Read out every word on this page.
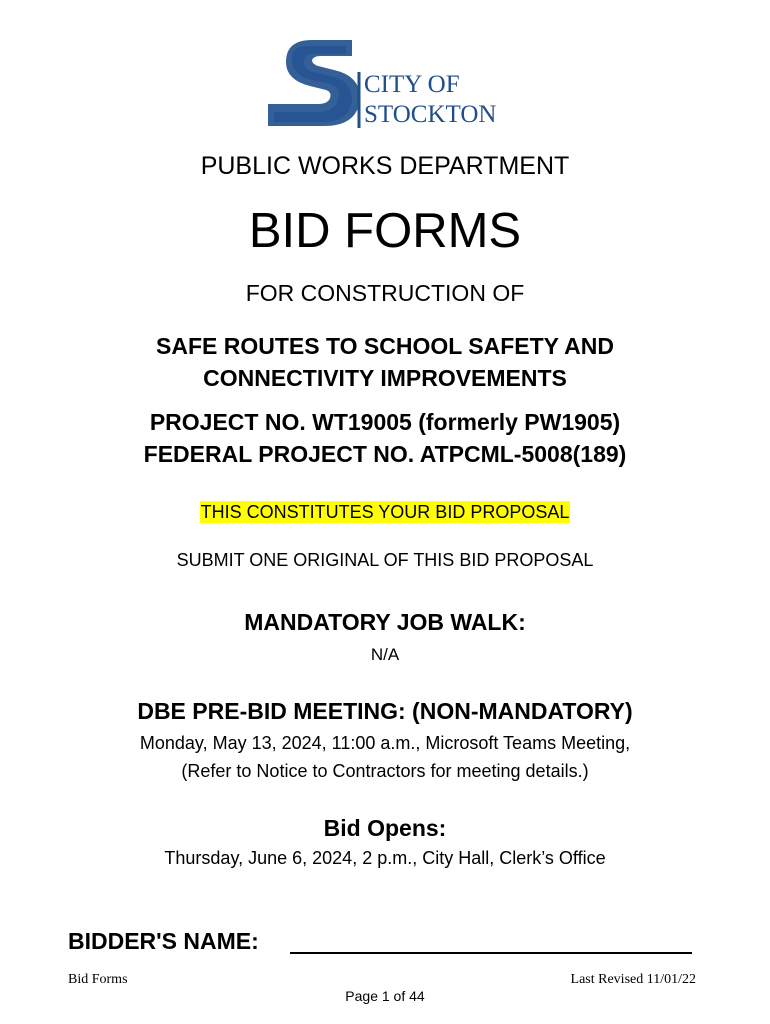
CITY OF
STOCKTON
PUBLIC WORKS DEPARTMENT
BID FORMS
FOR CONSTRUCTION OF
SAFE ROUTES TO SCHOOL SAFETY AND
CONNECTIVITY IMPROVEMENTS
PROJECT NO. WT19005 (formerly PW1905)
FEDERAL PROJECT NO. ATPCML-5008(189)
THIS CONSTITUTES YOUR BID PROPOSAL
SUBMIT ONE ORIGINAL OF THIS BID PROPOSAL
MANDATORY JOB WALK:
N/A
DBE PRE-BID MEETING: (NON-MANDATORY)
Monday, May 13, 2024, 11:00 a.m., Microsoft Teams Meeting,
(Refer to Notice to Contractors for meeting details.)
Bid Opens:
Thursday, June 6, 2024, 2 p.m., City Hall, Clerk’s Office
BIDDER'S NAME:
Bid Forms	Last Revised 11/01/22
Page 1 of 44
